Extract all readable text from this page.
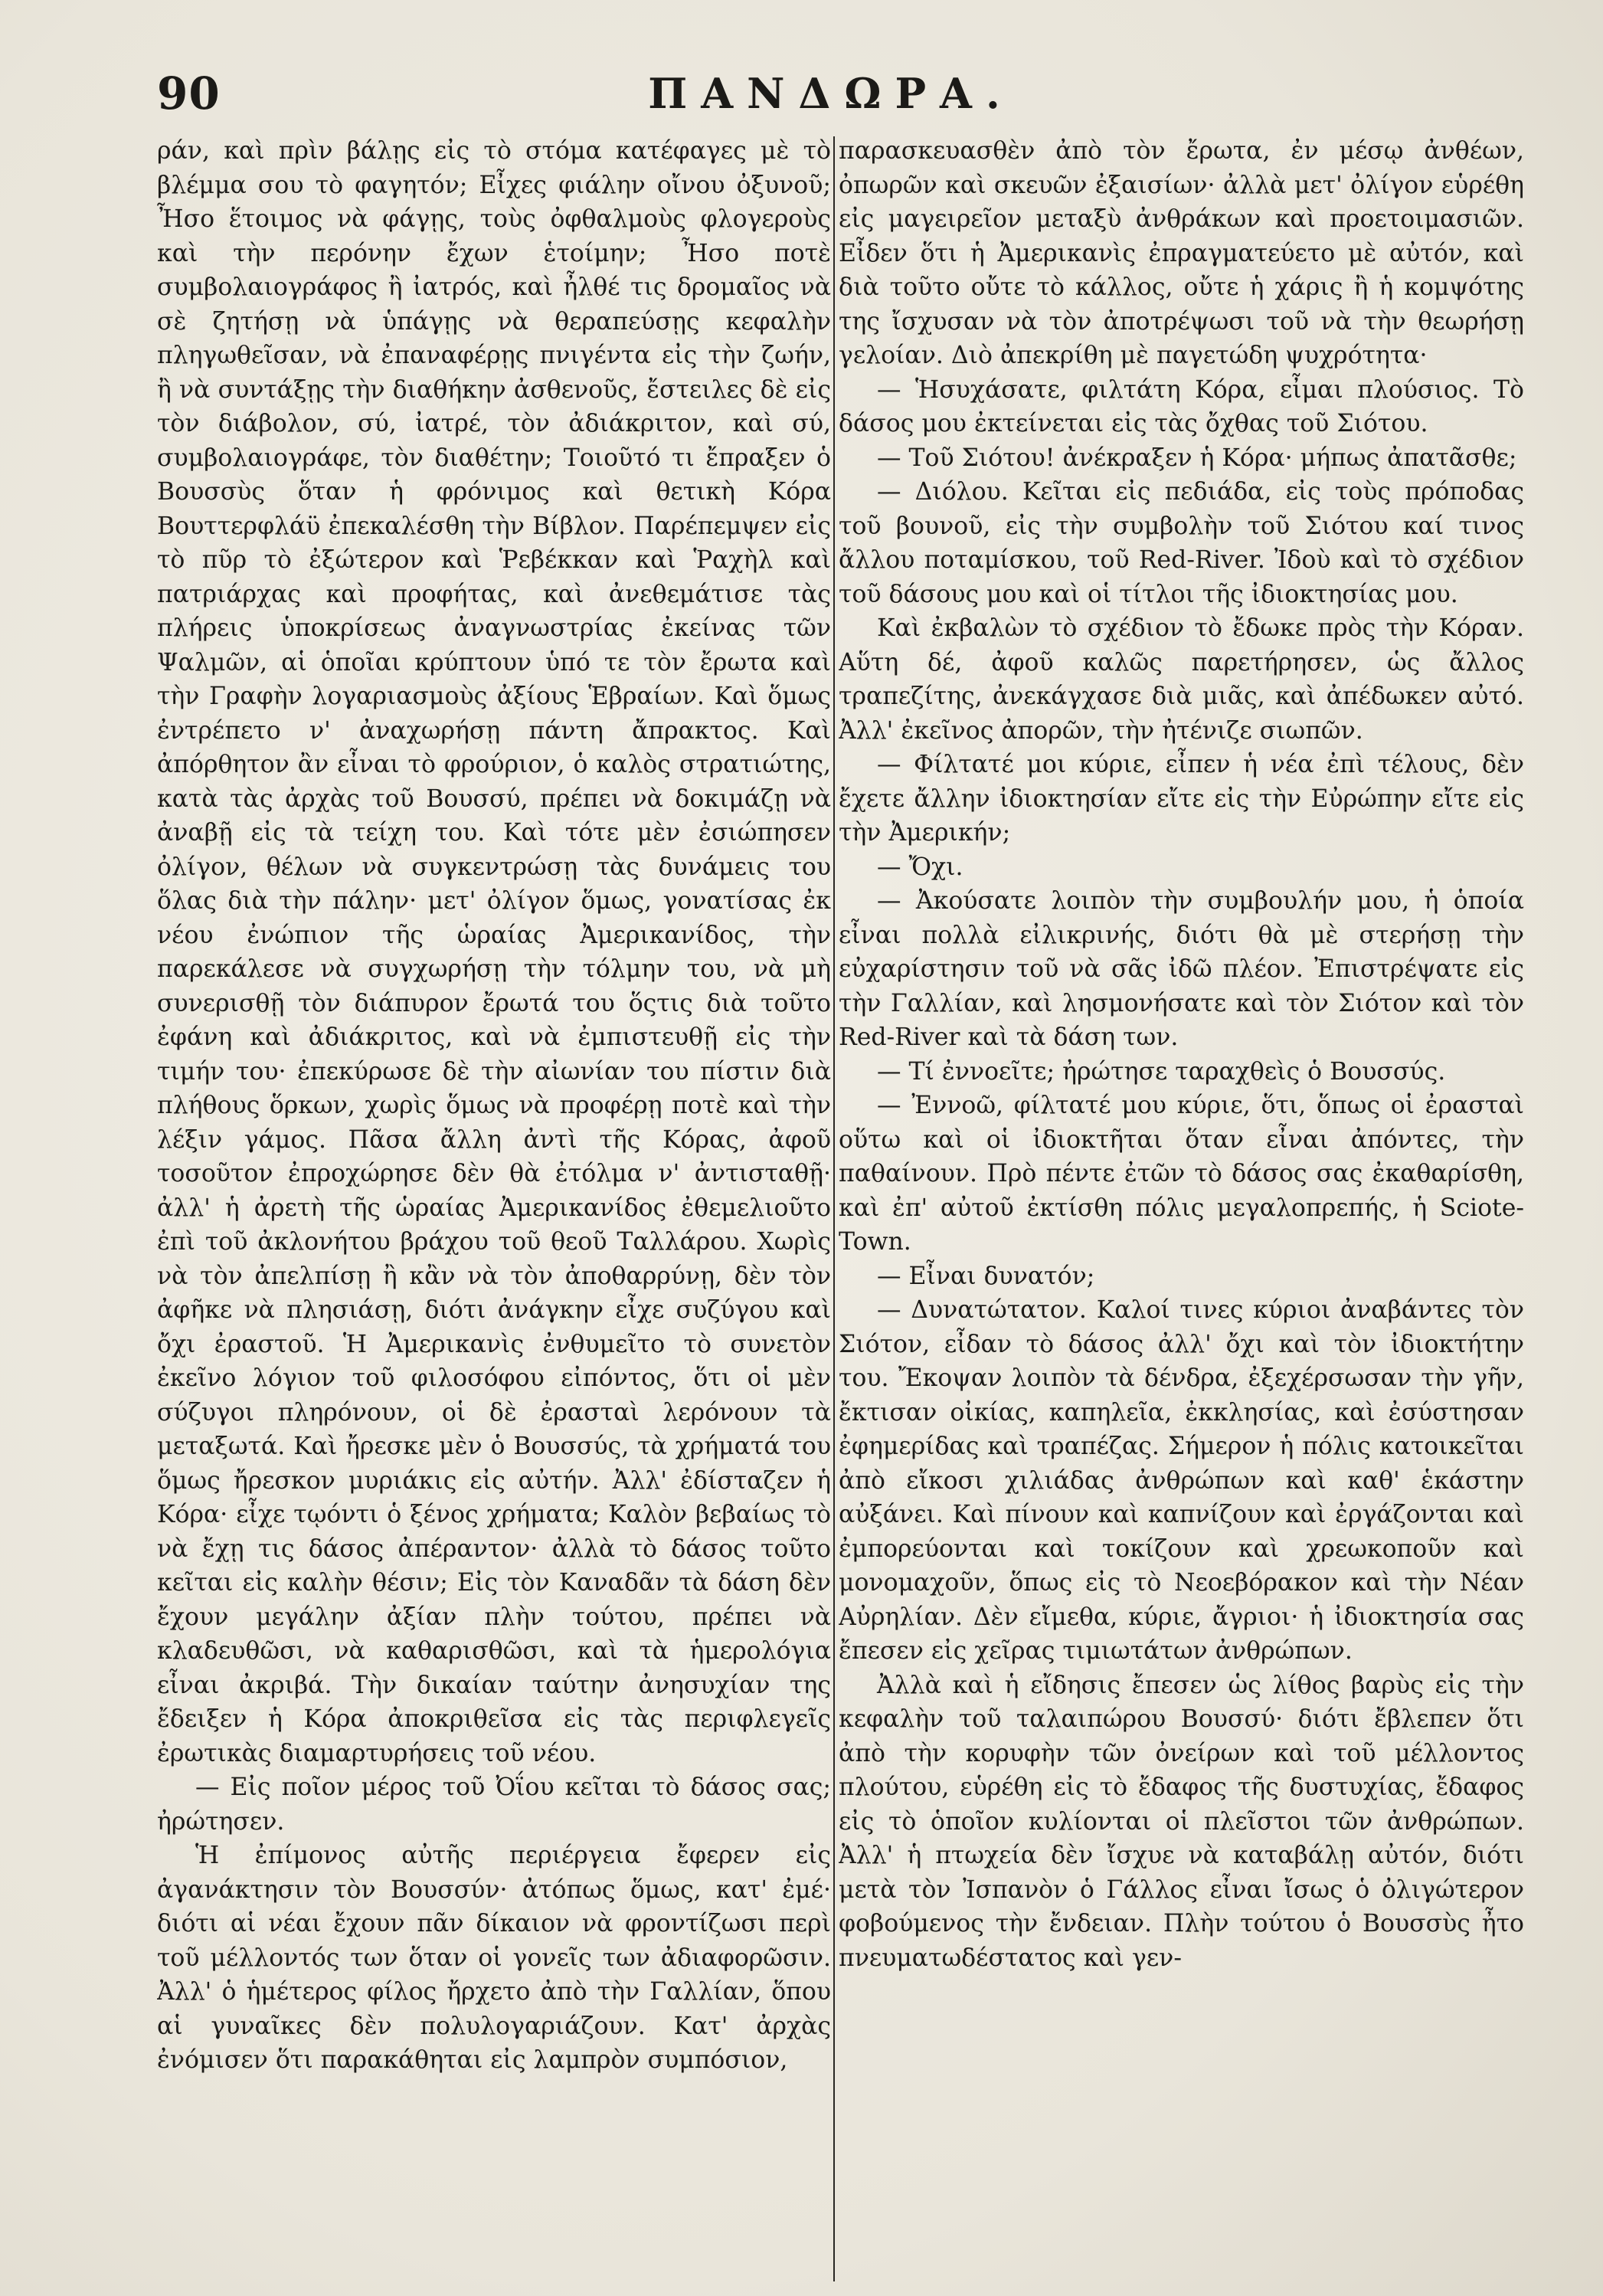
90	ΠΑΝΔΩΡΑ.

ράν, καὶ πρὶν βάλῃς εἰς τὸ στόμα κατέφαγες μὲ τὸ βλέμμα σου τὸ φαγητόν; Εἶχες φιάλην οἴνου ὀξυνοῦ; Ἦσο ἕτοιμος νὰ φάγῃς, τοὺς ὀφθαλμοὺς φλογεροὺς καὶ τὴν περόνην ἔχων ἑτοίμην; Ἦσο ποτὲ συμβολαιογράφος ἢ ἰατρός, καὶ ἦλθέ τις δρομαῖος νὰ σὲ ζητήσῃ νὰ ὑπάγῃς νὰ θεραπεύσῃς κεφαλὴν πληγωθεῖσαν, νὰ ἐπαναφέρῃς πνιγέντα εἰς τὴν ζωήν, ἢ νὰ συντάξῃς τὴν διαθήκην ἀσθενοῦς, ἔστειλες δὲ εἰς τὸν διάβολον, σύ, ἰατρέ, τὸν ἀδιάκριτον, καὶ σύ, συμβολαιογράφε, τὸν διαθέτην; Τοιοῦτό τι ἔπραξεν ὁ Βουσσὺς ὅταν ἡ φρόνιμος καὶ θετικὴ Κόρα Βουττερφλάϋ ἐπεκαλέσθη τὴν Βίβλον. Παρέπεμψεν εἰς τὸ πῦρ τὸ ἐξώτερον καὶ Ῥεβέκκαν καὶ Ῥαχὴλ καὶ πατριάρχας καὶ προφήτας, καὶ ἀνεθεμάτισε τὰς πλήρεις ὑποκρίσεως ἀναγνωστρίας ἐκείνας τῶν Ψαλμῶν, αἱ ὁποῖαι κρύπτουν ὑπό τε τὸν ἔρωτα καὶ τὴν Γραφὴν λογαριασμοὺς ἀξίους Ἑβραίων. Καὶ ὅμως ἐντρέπετο ν' ἀναχωρήσῃ πάντη ἄπρακτος. Καὶ ἀπόρθητον ἂν εἶναι τὸ φρούριον, ὁ καλὸς στρατιώτης, κατὰ τὰς ἀρχὰς τοῦ Βουσσύ, πρέπει νὰ δοκιμάζῃ νὰ ἀναβῇ εἰς τὰ τείχη του. Καὶ τότε μὲν ἐσιώπησεν ὀλίγον, θέλων νὰ συγκεντρώσῃ τὰς δυνάμεις του ὅλας διὰ τὴν πάλην· μετ' ὀλίγον ὅμως, γονατίσας ἐκ νέου ἐνώπιον τῆς ὡραίας Ἀμερικανίδος, τὴν παρεκάλεσε νὰ συγχωρήσῃ τὴν τόλμην του, νὰ μὴ συνερισθῇ τὸν διάπυρον ἔρωτά του ὅςτις διὰ τοῦτο ἐφάνη καὶ ἀδιάκριτος, καὶ νὰ ἐμπιστευθῇ εἰς τὴν τιμήν του· ἐπεκύρωσε δὲ τὴν αἰωνίαν του πίστιν διὰ πλήθους ὅρκων, χωρὶς ὅμως νὰ προφέρῃ ποτὲ καὶ τὴν λέξιν γάμος. Πᾶσα ἄλλη ἀντὶ τῆς Κόρας, ἀφοῦ τοσοῦτον ἐπροχώρησε δὲν θὰ ἐτόλμα ν' ἀντισταθῇ· ἀλλ' ἡ ἀρετὴ τῆς ὡραίας Ἀμερικανίδος ἐθεμελιοῦτο ἐπὶ τοῦ ἀκλονήτου βράχου τοῦ θεοῦ Ταλλάρου. Χωρὶς νὰ τὸν ἀπελπίσῃ ἢ κἂν νὰ τὸν ἀποθαρρύνῃ, δὲν τὸν ἀφῆκε νὰ πλησιάσῃ, διότι ἀνάγκην εἶχε συζύγου καὶ ὄχι ἐραστοῦ. Ἡ Ἀμερικανὶς ἐνθυμεῖτο τὸ συνετὸν ἐκεῖνο λόγιον τοῦ φιλοσόφου εἰπόντος, ὅτι οἱ μὲν σύζυγοι πληρόνουν, οἱ δὲ ἐρασταὶ λερόνουν τὰ μεταξωτά. Καὶ ἤρεσκε μὲν ὁ Βουσσύς, τὰ χρήματά του ὅμως ἤρεσκον μυριάκις εἰς αὐτήν. Ἀλλ' ἐδίσταζεν ἡ Κόρα· εἶχε τῳόντι ὁ ξένος χρήματα; Καλὸν βεβαίως τὸ νὰ ἔχῃ τις δάσος ἀπέραντον· ἀλλὰ τὸ δάσος τοῦτο κεῖται εἰς καλὴν θέσιν; Εἰς τὸν Καναδᾶν τὰ δάση δὲν ἔχουν μεγάλην ἀξίαν πλὴν τούτου, πρέπει νὰ κλαδευθῶσι, νὰ καθαρισθῶσι, καὶ τὰ ἡμερολόγια εἶναι ἀκριβά. Τὴν δικαίαν ταύτην ἀνησυχίαν της ἔδειξεν ἡ Κόρα ἀποκριθεῖσα εἰς τὰς περιφλεγεῖς ἐρωτικὰς διαμαρτυρήσεις τοῦ νέου.

— Εἰς ποῖον μέρος τοῦ Ὀΐου κεῖται τὸ δάσος σας; ἠρώτησεν.

Ἡ ἐπίμονος αὐτῆς περιέργεια ἔφερεν εἰς ἀγανάκτησιν τὸν Βουσσύν· ἀτόπως ὅμως, κατ' ἐμέ· διότι αἱ νέαι ἔχουν πᾶν δίκαιον νὰ φροντίζωσι περὶ τοῦ μέλλοντός των ὅταν οἱ γονεῖς των ἀδιαφορῶσιν. Ἀλλ' ὁ ἡμέτερος φίλος ἤρχετο ἀπὸ τὴν Γαλλίαν, ὅπου αἱ γυναῖκες δὲν πολυλογαριάζουν. Κατ' ἀρχὰς ἐνόμισεν ὅτι παρακάθηται εἰς λαμπρὸν συμπόσιον,

παρασκευασθὲν ἀπὸ τὸν ἔρωτα, ἐν μέσῳ ἀνθέων, ὀπωρῶν καὶ σκευῶν ἐξαισίων· ἀλλὰ μετ' ὀλίγον εὑρέθη εἰς μαγειρεῖον μεταξὺ ἀνθράκων καὶ προετοιμασιῶν. Εἶδεν ὅτι ἡ Ἀμερικανὶς ἐπραγματεύετο μὲ αὐτόν, καὶ διὰ τοῦτο οὔτε τὸ κάλλος, οὔτε ἡ χάρις ἢ ἡ κομψότης της ἴσχυσαν νὰ τὸν ἀποτρέψωσι τοῦ νὰ τὴν θεωρήσῃ γελοίαν. Διὸ ἀπεκρίθη μὲ παγετώδη ψυχρότητα·

— Ἡσυχάσατε, φιλτάτη Κόρα, εἶμαι πλούσιος. Τὸ δάσος μου ἐκτείνεται εἰς τὰς ὄχθας τοῦ Σιότου.

— Τοῦ Σιότου! ἀνέκραξεν ἡ Κόρα· μήπως ἀπατᾶσθε;

— Διόλου. Κεῖται εἰς πεδιάδα, εἰς τοὺς πρόποδας τοῦ βουνοῦ, εἰς τὴν συμβολὴν τοῦ Σιότου καί τινος ἄλλου ποταμίσκου, τοῦ Red-River. Ἰδοὺ καὶ τὸ σχέδιον τοῦ δάσους μου καὶ οἱ τίτλοι τῆς ἰδιοκτησίας μου.

Καὶ ἐκβαλὼν τὸ σχέδιον τὸ ἔδωκε πρὸς τὴν Κόραν. Αὕτη δέ, ἀφοῦ καλῶς παρετήρησεν, ὡς ἄλλος τραπεζίτης, ἀνεκάγχασε διὰ μιᾶς, καὶ ἀπέδωκεν αὐτό. Ἀλλ' ἐκεῖνος ἀπορῶν, τὴν ἠτένιζε σιωπῶν.

— Φίλτατέ μοι κύριε, εἶπεν ἡ νέα ἐπὶ τέλους, δὲν ἔχετε ἄλλην ἰδιοκτησίαν εἴτε εἰς τὴν Εὐρώπην εἴτε εἰς τὴν Ἀμερικήν;

— Ὄχι.

— Ἀκούσατε λοιπὸν τὴν συμβουλήν μου, ἡ ὁποία εἶναι πολλὰ εἰλικρινής, διότι θὰ μὲ στερήσῃ τὴν εὐχαρίστησιν τοῦ νὰ σᾶς ἰδῶ πλέον. Ἐπιστρέψατε εἰς τὴν Γαλλίαν, καὶ λησμονήσατε καὶ τὸν Σιότον καὶ τὸν Red-River καὶ τὰ δάση των.

— Τί ἐννοεῖτε; ἠρώτησε ταραχθεὶς ὁ Βουσσύς.

— Ἐννοῶ, φίλτατέ μου κύριε, ὅτι, ὅπως οἱ ἐρασταὶ οὕτω καὶ οἱ ἰδιοκτῆται ὅταν εἶναι ἀπόντες, τὴν παθαίνουν. Πρὸ πέντε ἐτῶν τὸ δάσος σας ἐκαθαρίσθη, καὶ ἐπ' αὐτοῦ ἐκτίσθη πόλις μεγαλοπρεπής, ἡ Sciote-Town.

— Εἶναι δυνατόν;

— Δυνατώτατον. Καλοί τινες κύριοι ἀναβάντες τὸν Σιότον, εἶδαν τὸ δάσος ἀλλ' ὄχι καὶ τὸν ἰδιοκτήτην του. Ἔκοψαν λοιπὸν τὰ δένδρα, ἐξεχέρσωσαν τὴν γῆν, ἔκτισαν οἰκίας, καπηλεῖα, ἐκκλησίας, καὶ ἐσύστησαν ἐφημερίδας καὶ τραπέζας. Σήμερον ἡ πόλις κατοικεῖται ἀπὸ εἴκοσι χιλιάδας ἀνθρώπων καὶ καθ' ἑκάστην αὐξάνει. Καὶ πίνουν καὶ καπνίζουν καὶ ἐργάζονται καὶ ἐμπορεύονται καὶ τοκίζουν καὶ χρεωκοποῦν καὶ μονομαχοῦν, ὅπως εἰς τὸ Νεοεβόρακον καὶ τὴν Νέαν Αὐρηλίαν. Δὲν εἴμεθα, κύριε, ἄγριοι· ἡ ἰδιοκτησία σας ἔπεσεν εἰς χεῖρας τιμιωτάτων ἀνθρώπων.

Ἀλλὰ καὶ ἡ εἴδησις ἔπεσεν ὡς λίθος βαρὺς εἰς τὴν κεφαλὴν τοῦ ταλαιπώρου Βουσσύ· διότι ἔβλεπεν ὅτι ἀπὸ τὴν κορυφὴν τῶν ὀνείρων καὶ τοῦ μέλλοντος πλούτου, εὑρέθη εἰς τὸ ἔδαφος τῆς δυστυχίας, ἔδαφος εἰς τὸ ὁποῖον κυλίονται οἱ πλεῖστοι τῶν ἀνθρώπων. Ἀλλ' ἡ πτωχεία δὲν ἴσχυε νὰ καταβάλῃ αὐτόν, διότι μετὰ τὸν Ἰσπανὸν ὁ Γάλλος εἶναι ἴσως ὁ ὀλιγώτερον φοβούμενος τὴν ἔνδειαν. Πλὴν τούτου ὁ Βουσσὺς ἦτο πνευματωδέστατος καὶ γεν-
